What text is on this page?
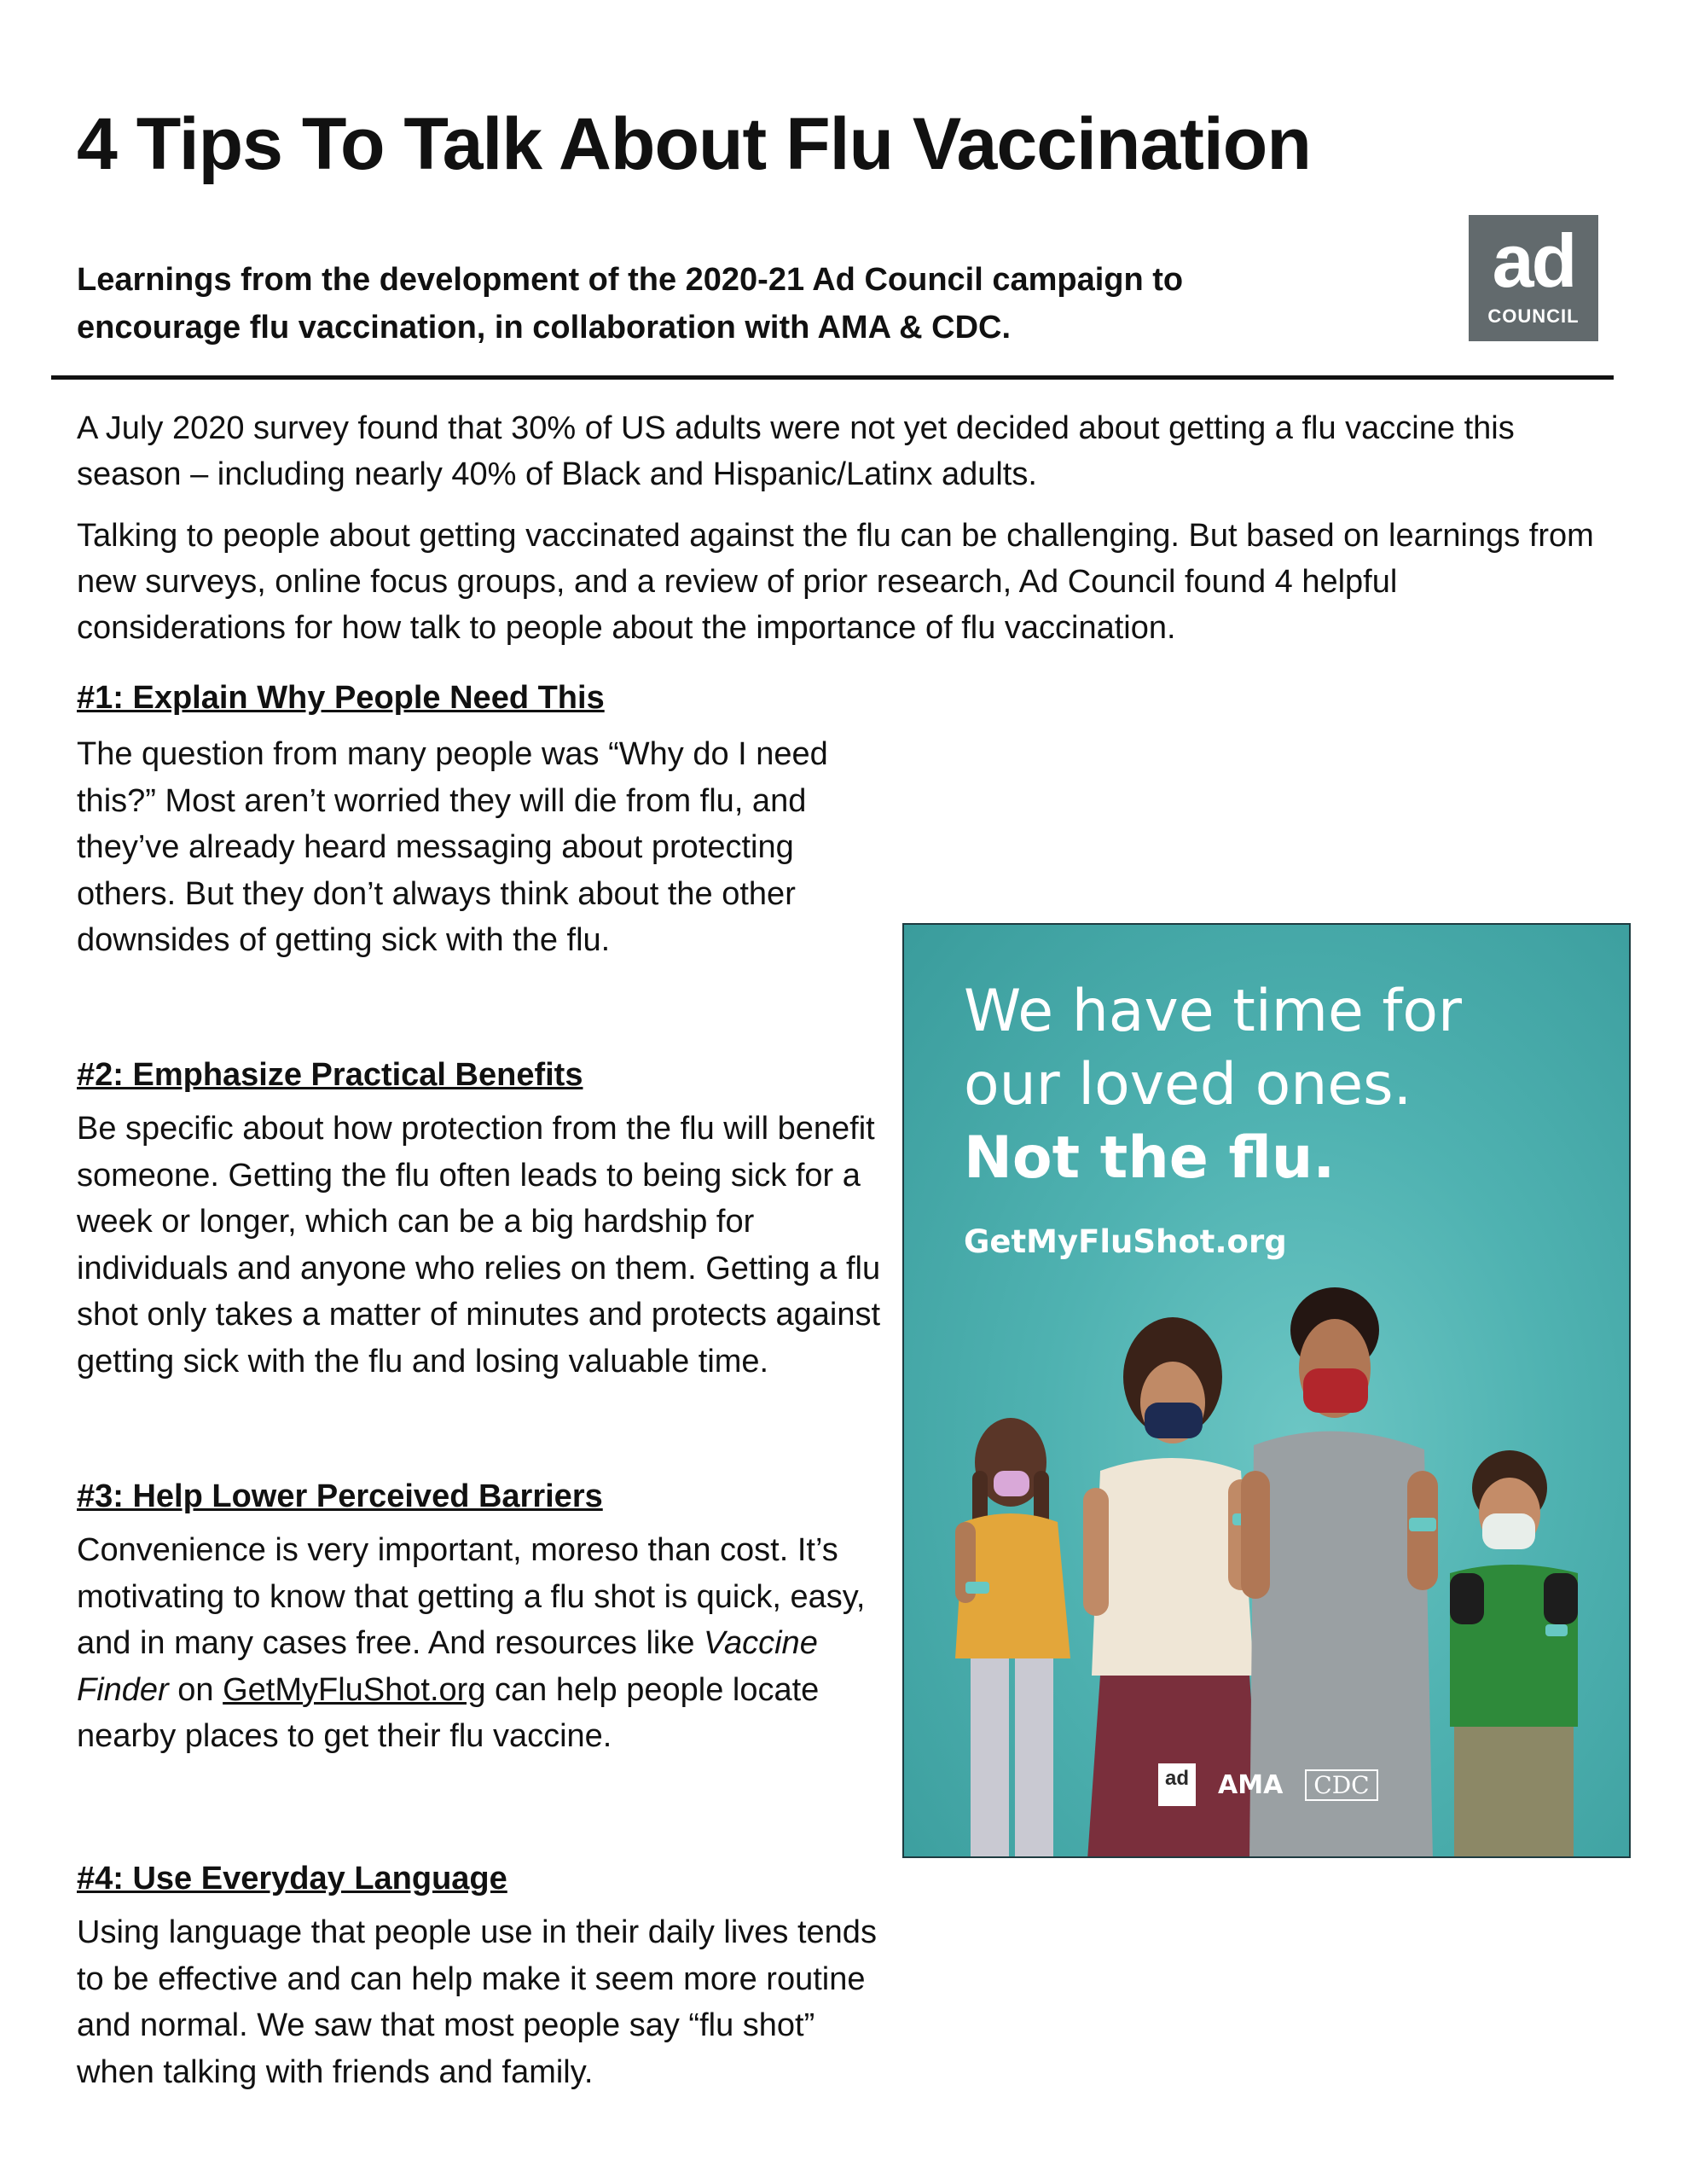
4 Tips To Talk About Flu Vaccination

Learnings from the development of the 2020-21 Ad Council campaign to
encourage flu vaccination, in collaboration with AMA & CDC.

ad
COUNCIL

A July 2020 survey found that 30% of US adults were not yet decided about getting a flu vaccine this season – including nearly 40% of Black and Hispanic/Latinx adults.

Talking to people about getting vaccinated against the flu can be challenging. But based on learnings from new surveys, online focus groups, and a review of prior research, Ad Council found 4 helpful considerations for how talk to people about the importance of flu vaccination.

#1: Explain Why People Need This

The question from many people was “Why do I need this?” Most aren’t worried they will die from flu, and they’ve already heard messaging about protecting others. But they don’t always think about the other downsides of getting sick with the flu.

#2: Emphasize Practical Benefits

Be specific about how protection from the flu will benefit someone. Getting the flu often leads to being sick for a week or longer, which can be a big hardship for individuals and anyone who relies on them. Getting a flu shot only takes a matter of minutes and protects against getting sick with the flu and losing valuable time.

#3: Help Lower Perceived Barriers

Convenience is very important, moreso than cost. It’s motivating to know that getting a flu shot is quick, easy, and in many cases free. And resources like Vaccine Finder on GetMyFluShot.org can help people locate nearby places to get their flu vaccine.

#4: Use Everyday Language

Using language that people use in their daily lives tends to be effective and can help make it seem more routine and normal. We saw that most people say “flu shot” when talking with friends and family.

We have time for

our loved ones.

Not the flu.

GetMyFluShot.org

ad AMA	CDC
